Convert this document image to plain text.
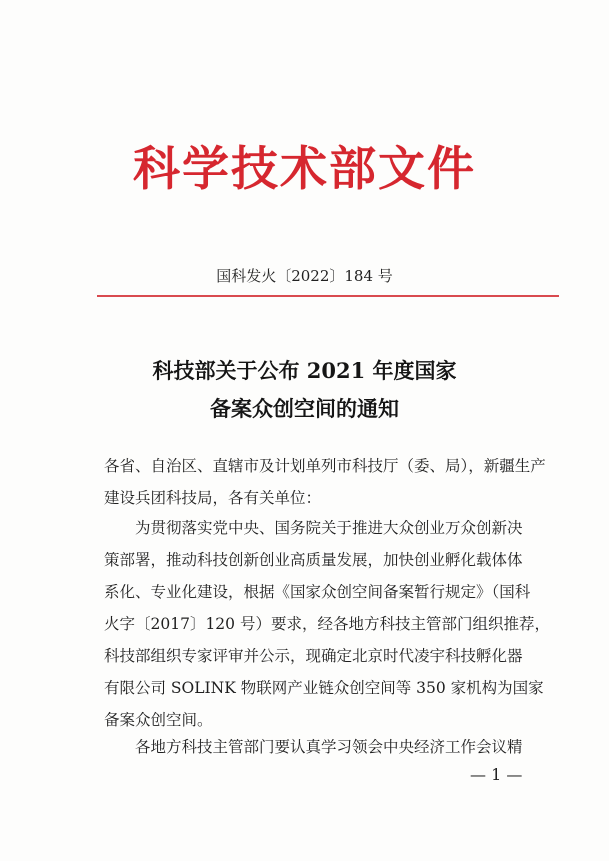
科学技术部文件
国科发火〔2022〕184 号
科技部关于公布 2021 年度国家
备案众创空间的通知
各省、自治区、直辖市及计划单列市科技厅（委、局），新疆生产
建设兵团科技局，各有关单位：
为贯彻落实党中央、国务院关于推进大众创业万众创新决
策部署，推动科技创新创业高质量发展，加快创业孵化载体体
系化、专业化建设，根据《国家众创空间备案暂行规定》（国科
火字〔2017〕120 号）要求，经各地方科技主管部门组织推荐，
科技部组织专家评审并公示，现确定北京时代凌宇科技孵化器
有限公司 SOLINK 物联网产业链众创空间等 350 家机构为国家
备案众创空间。
各地方科技主管部门要认真学习领会中央经济工作会议精
— 1 —
